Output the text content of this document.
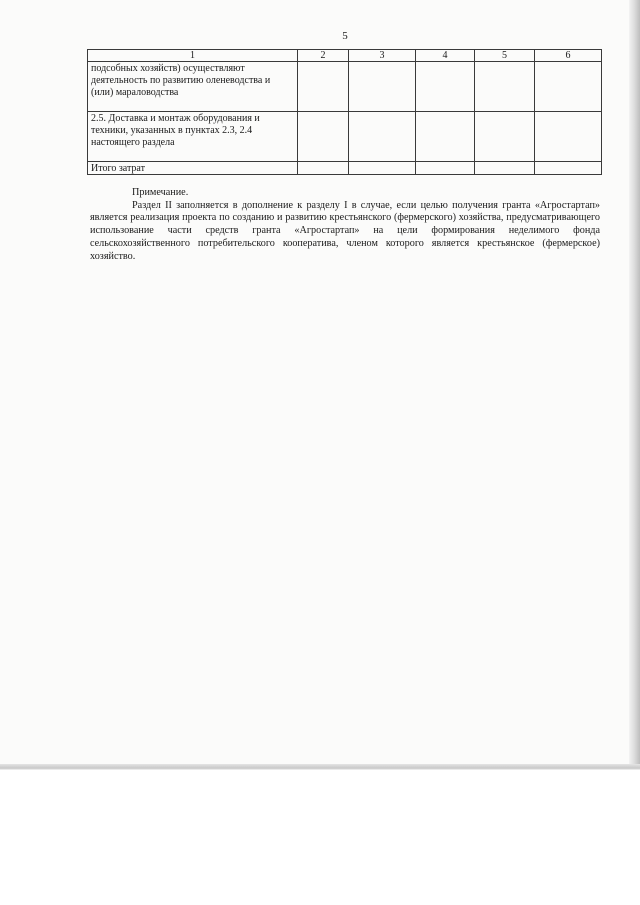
5
1	2	3	4	5	6
подсобных хозяйств) осуществляют деятельность по развитию оленеводства и (или) мараловодства					
2.5. Доставка и монтаж оборудования и техники, указанных в пунктах 2.3, 2.4 настоящего раздела					
Итого затрат					

Примечание.

Раздел II заполняется в дополнение к разделу I в случае, если целью получения гранта «Агростартап» является реализация проекта по созданию и развитию крестьянского (фермерского) хозяйства, предусматривающего использование части средств гранта «Агростартап» на цели формирования неделимого фонда сельскохозяйственного потребительского кооператива, членом которого является крестьянское (фермерское) хозяйство.
